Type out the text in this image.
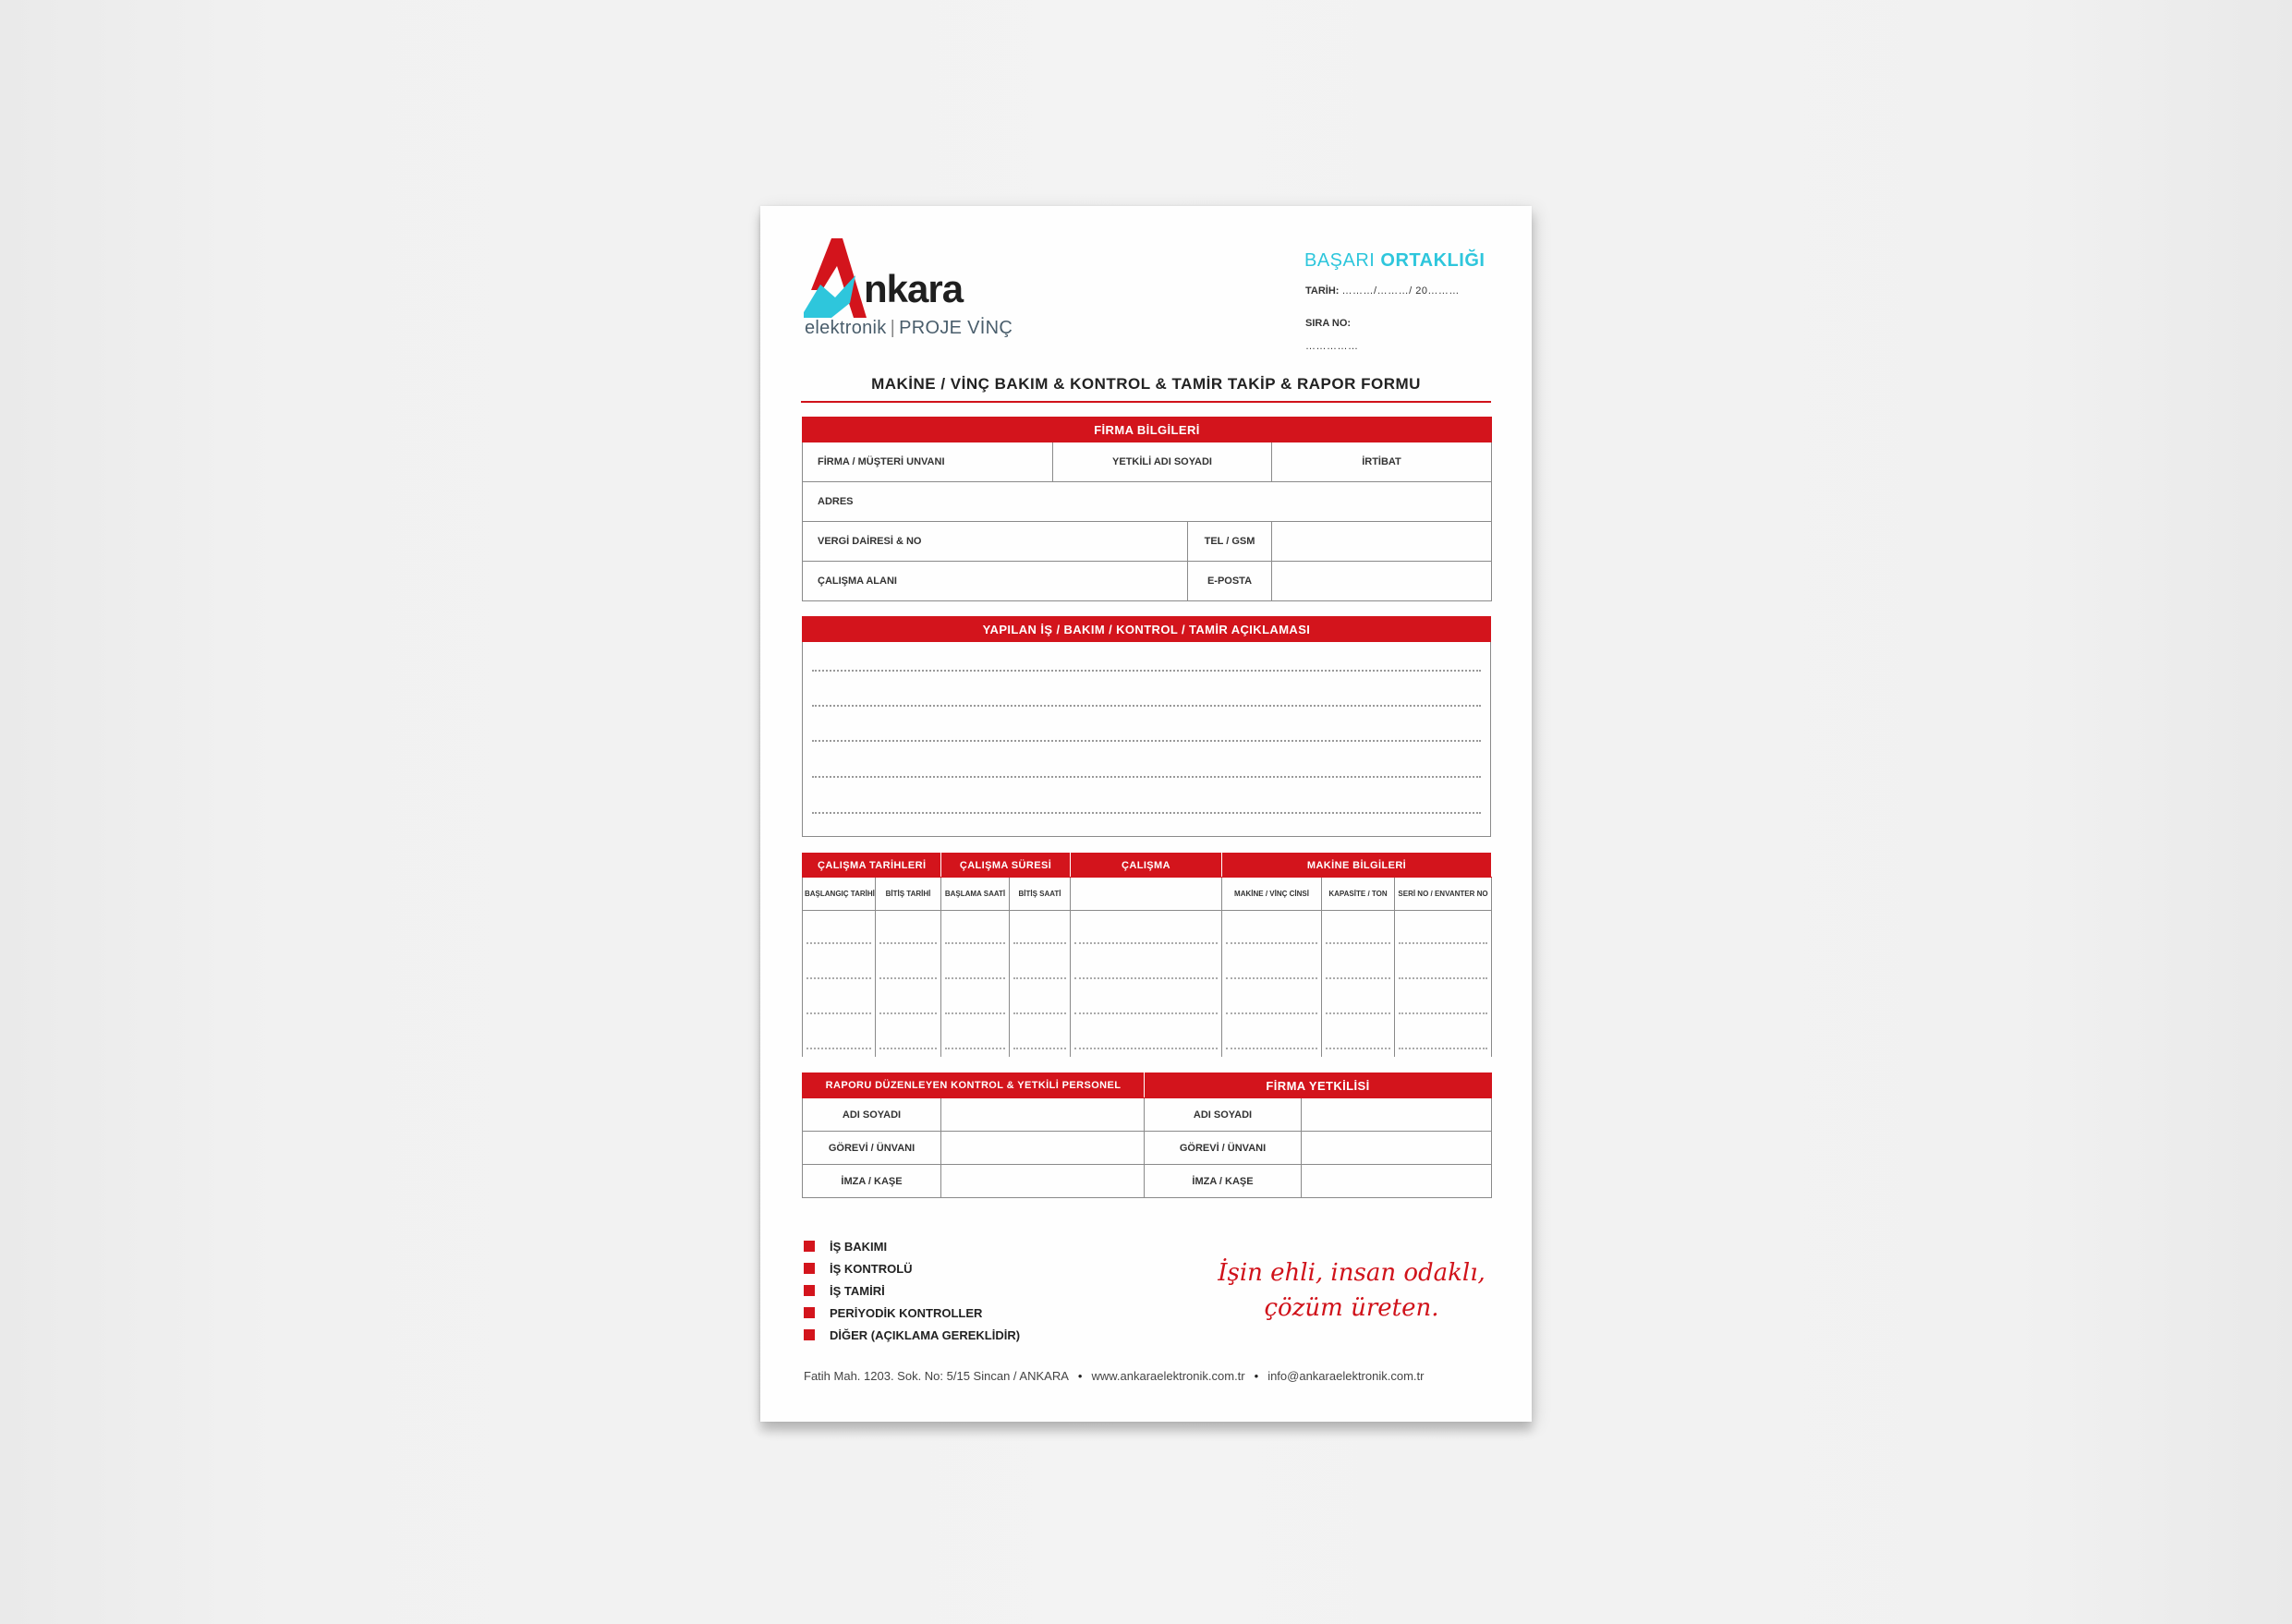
nkara
elektronik | PROJE VİNÇ
BAŞARI ORTAKLIĞI
TARİH: ………/………/ 20………
SIRA NO:
……………
MAKİNE / VİNÇ BAKIM & KONTROL & TAMİR TAKİP & RAPOR FORMU
FİRMA BİLGİLERİ			
FİRMA / MÜŞTERİ UNVANI	YETKİLİ ADI SOYADI		İRTİBAT
ADRES			
VERGİ DAİRESİ & NO		TEL / GSM	
ÇALIŞMA ALANI		E-POSTA	
YAPILAN İŞ / BAKIM / KONTROL / TAMİR AÇIKLAMASI

ÇALIŞMA TARİHLERİ		ÇALIŞMA SÜRESİ		ÇALIŞMA	MAKİNE BİLGİLERİ		
BAŞLANGIÇ TARİHİ	BİTİŞ TARİHİ	BAŞLAMA SAATİ	BİTİŞ SAATİ		MAKİNE / VİNÇ CİNSİ	KAPASİTE / TON	SERİ NO / ENVANTER NO

RAPORU DÜZENLEYEN KONTROL & YETKİLİ PERSONEL		FİRMA YETKİLİSİ	
ADI SOYADI		ADI SOYADI	
GÖREVİ / ÜNVANI		GÖREVİ / ÜNVANI	
İMZA / KAŞE		İMZA / KAŞE	
İŞ BAKIMI
İŞ KONTROLÜ
İŞ TAMİRİ
PERİYODİK KONTROLLER
DİĞER (AÇIKLAMA GEREKLİDİR)
İşin ehli, insan odaklı,
çözüm üreten.
Fatih Mah. 1203. Sok. No: 5/15 Sincan / ANKARA • www.ankaraelektronik.com.tr • info@ankaraelektronik.com.tr
